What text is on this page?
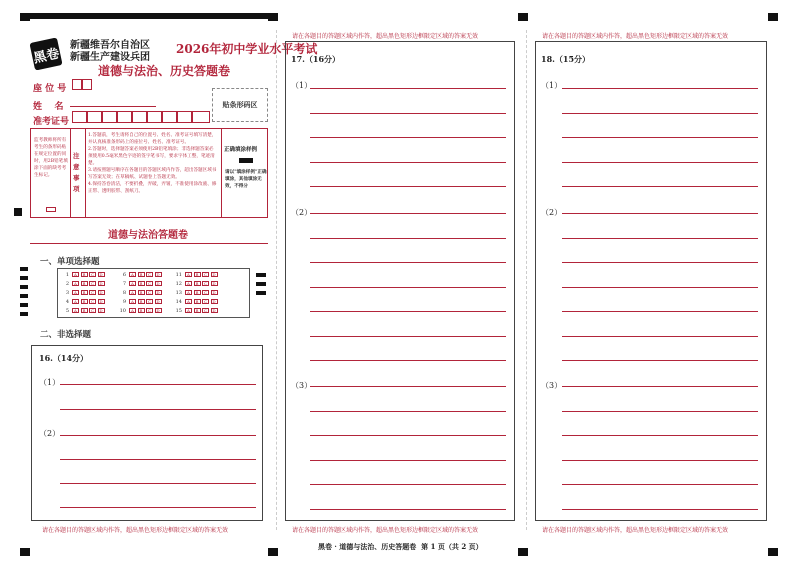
黑卷
新疆维吾尔自治区
新疆生产建设兵团
2026年初中学业水平考试
道德与法治、历史答题卷
座 位 号
姓    名
准考证号
贴条形码区
监考教师将所有考生的条形码贴在规定位置的同时，用2B铅笔填涂下面的缺考考生标记。
注意事项
1.答题前，考生请将自己的位置号、姓名、准考证号填写清楚，并认真核准条形码上的座位号、姓名、准考证号。
2.答题时，选择题答案必须使用2B铅笔填涂；非选择题答案必须使用0.5毫米黑色字迹的签字笔书写，要求字体工整，笔迹清楚。
3.请按照题号顺序在各题目的答题区域内作答，超出答题区域书写答案无效；在草稿纸、试题卷上答题无效。
4.保持答卷清洁，不要折叠，弄破，弄皱，不准使用涂改液、修正带、透明胶带、刮纸刀。
正确填涂样例
请以"填涂样例"正确填涂，其他填涂无效，不得分
道德与法治答题卷
一、单项选择题
1	A	B	C	D
2	A	B	C	D
3	A	B	C	D
4	A	B	C	D
5	A	B	C	D
6	A	B	C	D
7	A	B	C	D
8	A	B	C	D
9	A	B	C	D
10	A	B	C	D
11	A	B	C	D
12	A	B	C	D
13	A	B	C	D
14	A	B	C	D
15	A	B	C	D
二、非选择题
16.（14分）
（1）
（2）
请在各题目的答题区域内作答，超出黑色矩形边框限定区域的答案无效
请在各题目的答题区域内作答，超出黑色矩形边框限定区域的答案无效
17.（16分）
（1）
（2）
（3）
请在各题目的答题区域内作答，超出黑色矩形边框限定区域的答案无效
请在各题目的答题区域内作答，超出黑色矩形边框限定区域的答案无效
18.（15分）
（1）
（2）
（3）
请在各题目的答题区域内作答，超出黑色矩形边框限定区域的答案无效
黑卷 · 道德与法治、历史答题卷  第 1 页（共 2 页）
